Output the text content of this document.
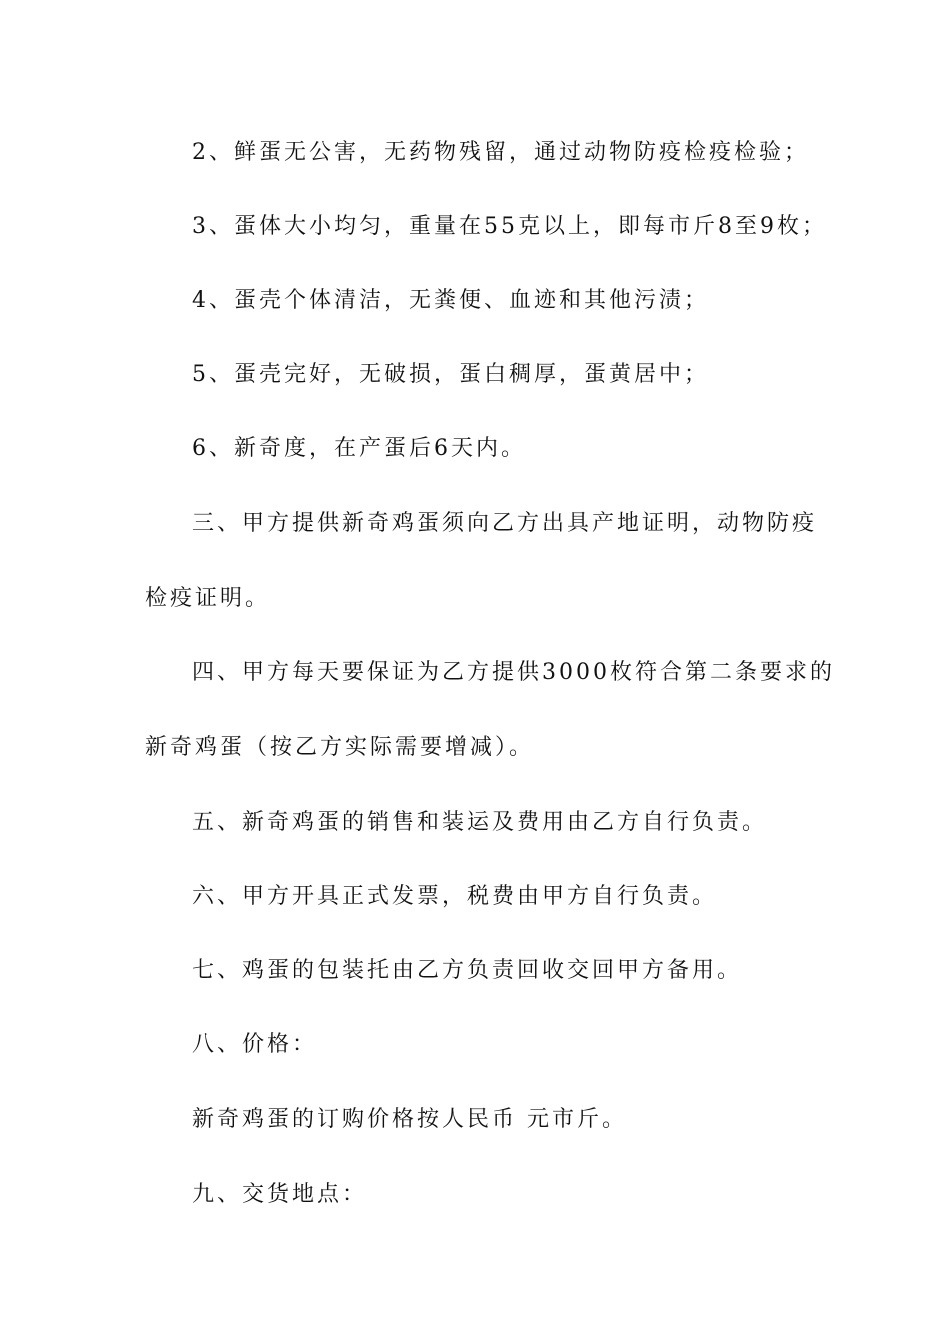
2、鲜蛋无公害，无药物残留，通过动物防疫检疫检验；
3、蛋体大小均匀，重量在55克以上，即每市斤8至9枚；
4、蛋壳个体清洁，无粪便、血迹和其他污渍；
5、蛋壳完好，无破损，蛋白稠厚，蛋黄居中；
6、新奇度，在产蛋后6天内。
三、甲方提供新奇鸡蛋须向乙方出具产地证明，动物防疫
检疫证明。
四、甲方每天要保证为乙方提供3000枚符合第二条要求的
新奇鸡蛋（按乙方实际需要增减）。
五、新奇鸡蛋的销售和装运及费用由乙方自行负责。
六、甲方开具正式发票，税费由甲方自行负责。
七、鸡蛋的包装托由乙方负责回收交回甲方备用。
八、价格：
新奇鸡蛋的订购价格按人民币 元市斤。
九、交货地点：
